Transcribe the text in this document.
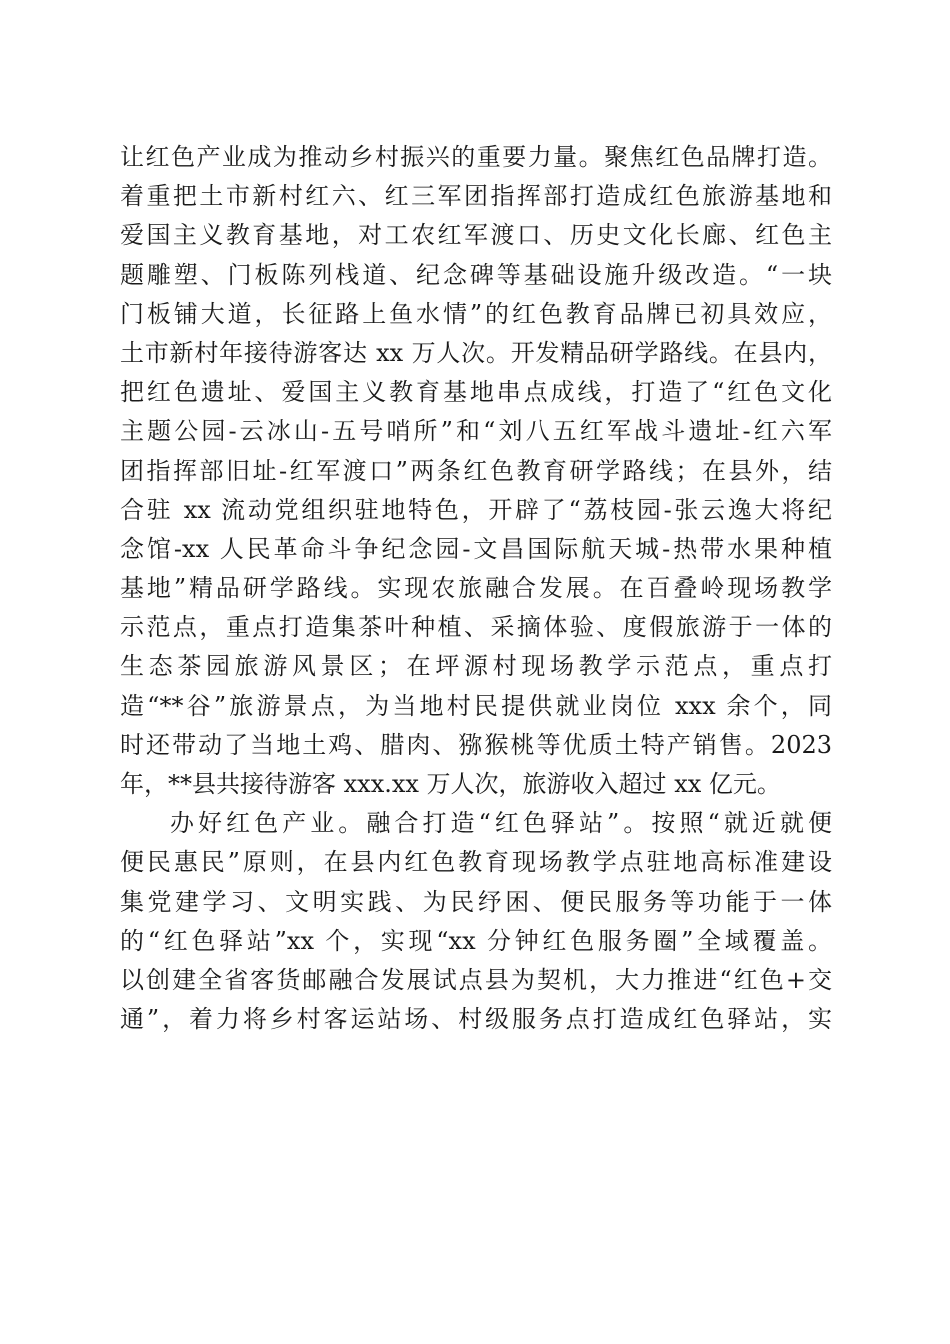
让红色产业成为推动乡村振兴的重要力量。聚焦红色品牌打造。
着重把土市新村红六、红三军团指挥部打造成红色旅游基地和
爱国主义教育基地，对工农红军渡口、历史文化长廊、红色主
题雕塑、门板陈列栈道、纪念碑等基础设施升级改造。“一块
门板铺大道，长征路上鱼水情”的红色教育品牌已初具效应，
土市新村年接待游客达 xx 万人次。开发精品研学路线。在县内，
把红色遗址、爱国主义教育基地串点成线，打造了“红色文化
主题公园-云冰山-五号哨所”和“刘八五红军战斗遗址-红六军
团指挥部旧址-红军渡口”两条红色教育研学路线；在县外，结
合驻 xx 流动党组织驻地特色，开辟了“荔枝园-张云逸大将纪
念馆-xx 人民革命斗争纪念园-文昌国际航天城-热带水果种植
基地”精品研学路线。实现农旅融合发展。在百叠岭现场教学
示范点，重点打造集茶叶种植、采摘体验、度假旅游于一体的
生态茶园旅游风景区；在坪源村现场教学示范点，重点打
造“**谷”旅游景点，为当地村民提供就业岗位 xxx 余个，同
时还带动了当地土鸡、腊肉、猕猴桃等优质土特产销售。2023
年，**县共接待游客 xxx.xx 万人次，旅游收入超过 xx 亿元。
办好红色产业。融合打造“红色驿站”。按照“就近就便
便民惠民”原则，在县内红色教育现场教学点驻地高标准建设
集党建学习、文明实践、为民纾困、便民服务等功能于一体
的“红色驿站”xx 个，实现“xx 分钟红色服务圈”全域覆盖。
以创建全省客货邮融合发展试点县为契机，大力推进“红色+交
通”，着力将乡村客运站场、村级服务点打造成红色驿站，实
